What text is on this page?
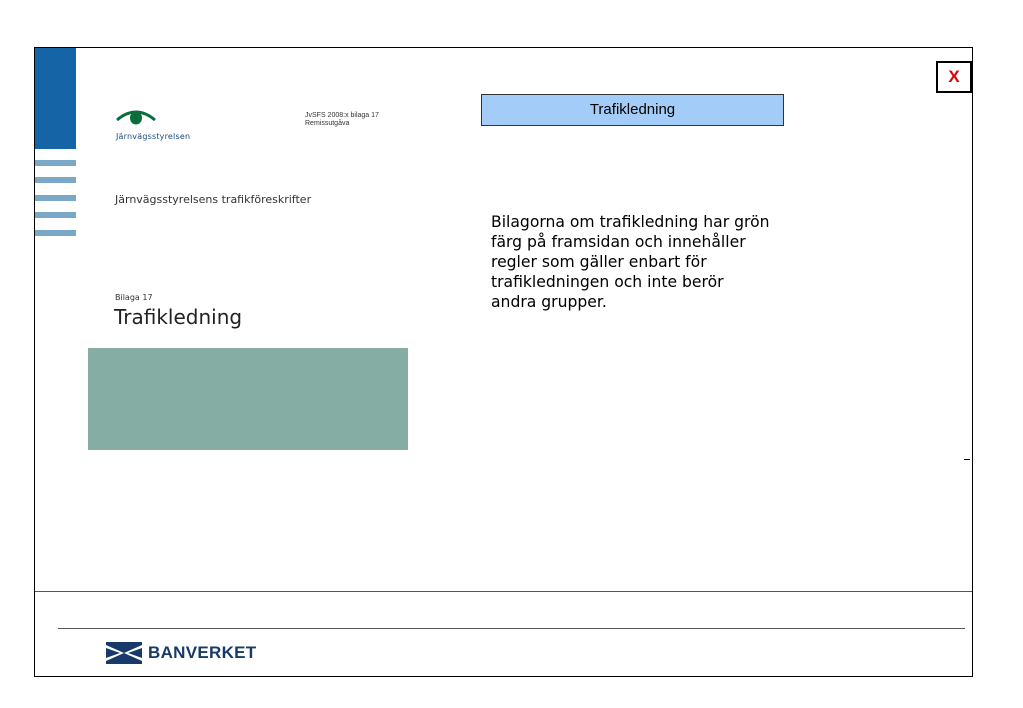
Järnvägsstyrelsen
JvSFS 2008:x bilaga 17
Remissutgåva
Järnvägsstyrelsens trafikföreskrifter
Bilaga 17
Trafikledning
Trafikledning
X
Bilagorna om trafikledning har grön
färg på framsidan och innehåller
regler som gäller enbart för
trafikledningen och inte berör
andra grupper.
BANVERKET
